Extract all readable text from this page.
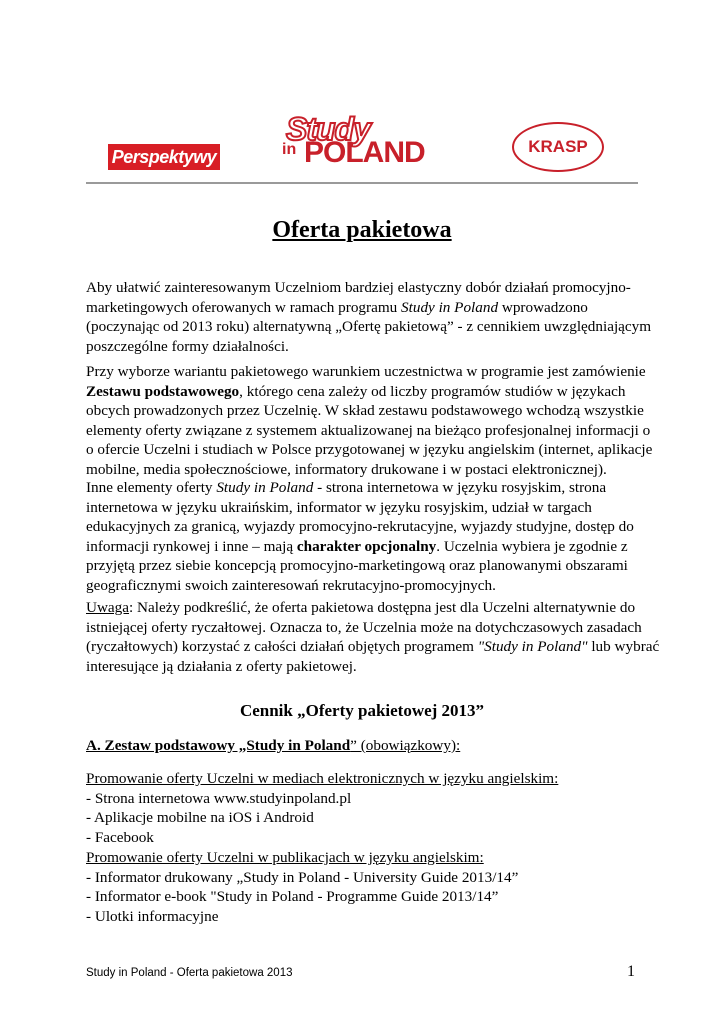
Perspektywy
Study
in POLAND	KRASP
Oferta pakietowa
Aby ułatwić zainteresowanym Uczelniom bardziej elastyczny dobór działań promocyjno-
marketingowych oferowanych w ramach programu Study in Poland wprowadzono
(poczynając od 2013 roku) alternatywną „Ofertę pakietową” - z cennikiem uwzględniającym
poszczególne formy działalności.
Przy wyborze wariantu pakietowego warunkiem uczestnictwa w programie jest zamówienie
Zestawu podstawowego, którego cena zależy od liczby programów studiów w językach
obcych prowadzonych przez Uczelnię. W skład zestawu podstawowego wchodzą wszystkie
elementy oferty związane z systemem aktualizowanej na bieżąco profesjonalnej informacji o
o ofercie Uczelni i studiach w Polsce przygotowanej w języku angielskim (internet, aplikacje
mobilne, media społecznościowe, informatory drukowane i w postaci elektronicznej).
Inne elementy oferty Study in Poland - strona internetowa w języku rosyjskim, strona
internetowa w języku ukraińskim, informator w języku rosyjskim, udział w targach
edukacyjnych za granicą, wyjazdy promocyjno-rekrutacyjne, wyjazdy studyjne, dostęp do
informacji rynkowej i inne – mają charakter opcjonalny. Uczelnia wybiera je zgodnie z
przyjętą przez siebie koncepcją promocyjno-marketingową oraz planowanymi obszarami
geograficznymi swoich zainteresowań rekrutacyjno-promocyjnych.
Uwaga: Należy podkreślić, że oferta pakietowa dostępna jest dla Uczelni alternatywnie do
istniejącej oferty ryczałtowej. Oznacza to, że Uczelnia może na dotychczasowych zasadach
(ryczałtowych) korzystać z całości działań objętych programem "Study in Poland" lub wybrać
interesujące ją działania z oferty pakietowej.
Cennik „Oferty pakietowej 2013”
A. Zestaw podstawowy „Study in Poland” (obowiązkowy):
Promowanie oferty Uczelni w mediach elektronicznych w języku angielskim:
- Strona internetowa www.studyinpoland.pl
- Aplikacje mobilne na iOS i Android
- Facebook
Promowanie oferty Uczelni w publikacjach w języku angielskim:
- Informator drukowany „Study in Poland - University Guide 2013/14”
- Informator e-book "Study in Poland - Programme Guide 2013/14”
- Ulotki informacyjne
Study in Poland - Oferta pakietowa 2013	1
